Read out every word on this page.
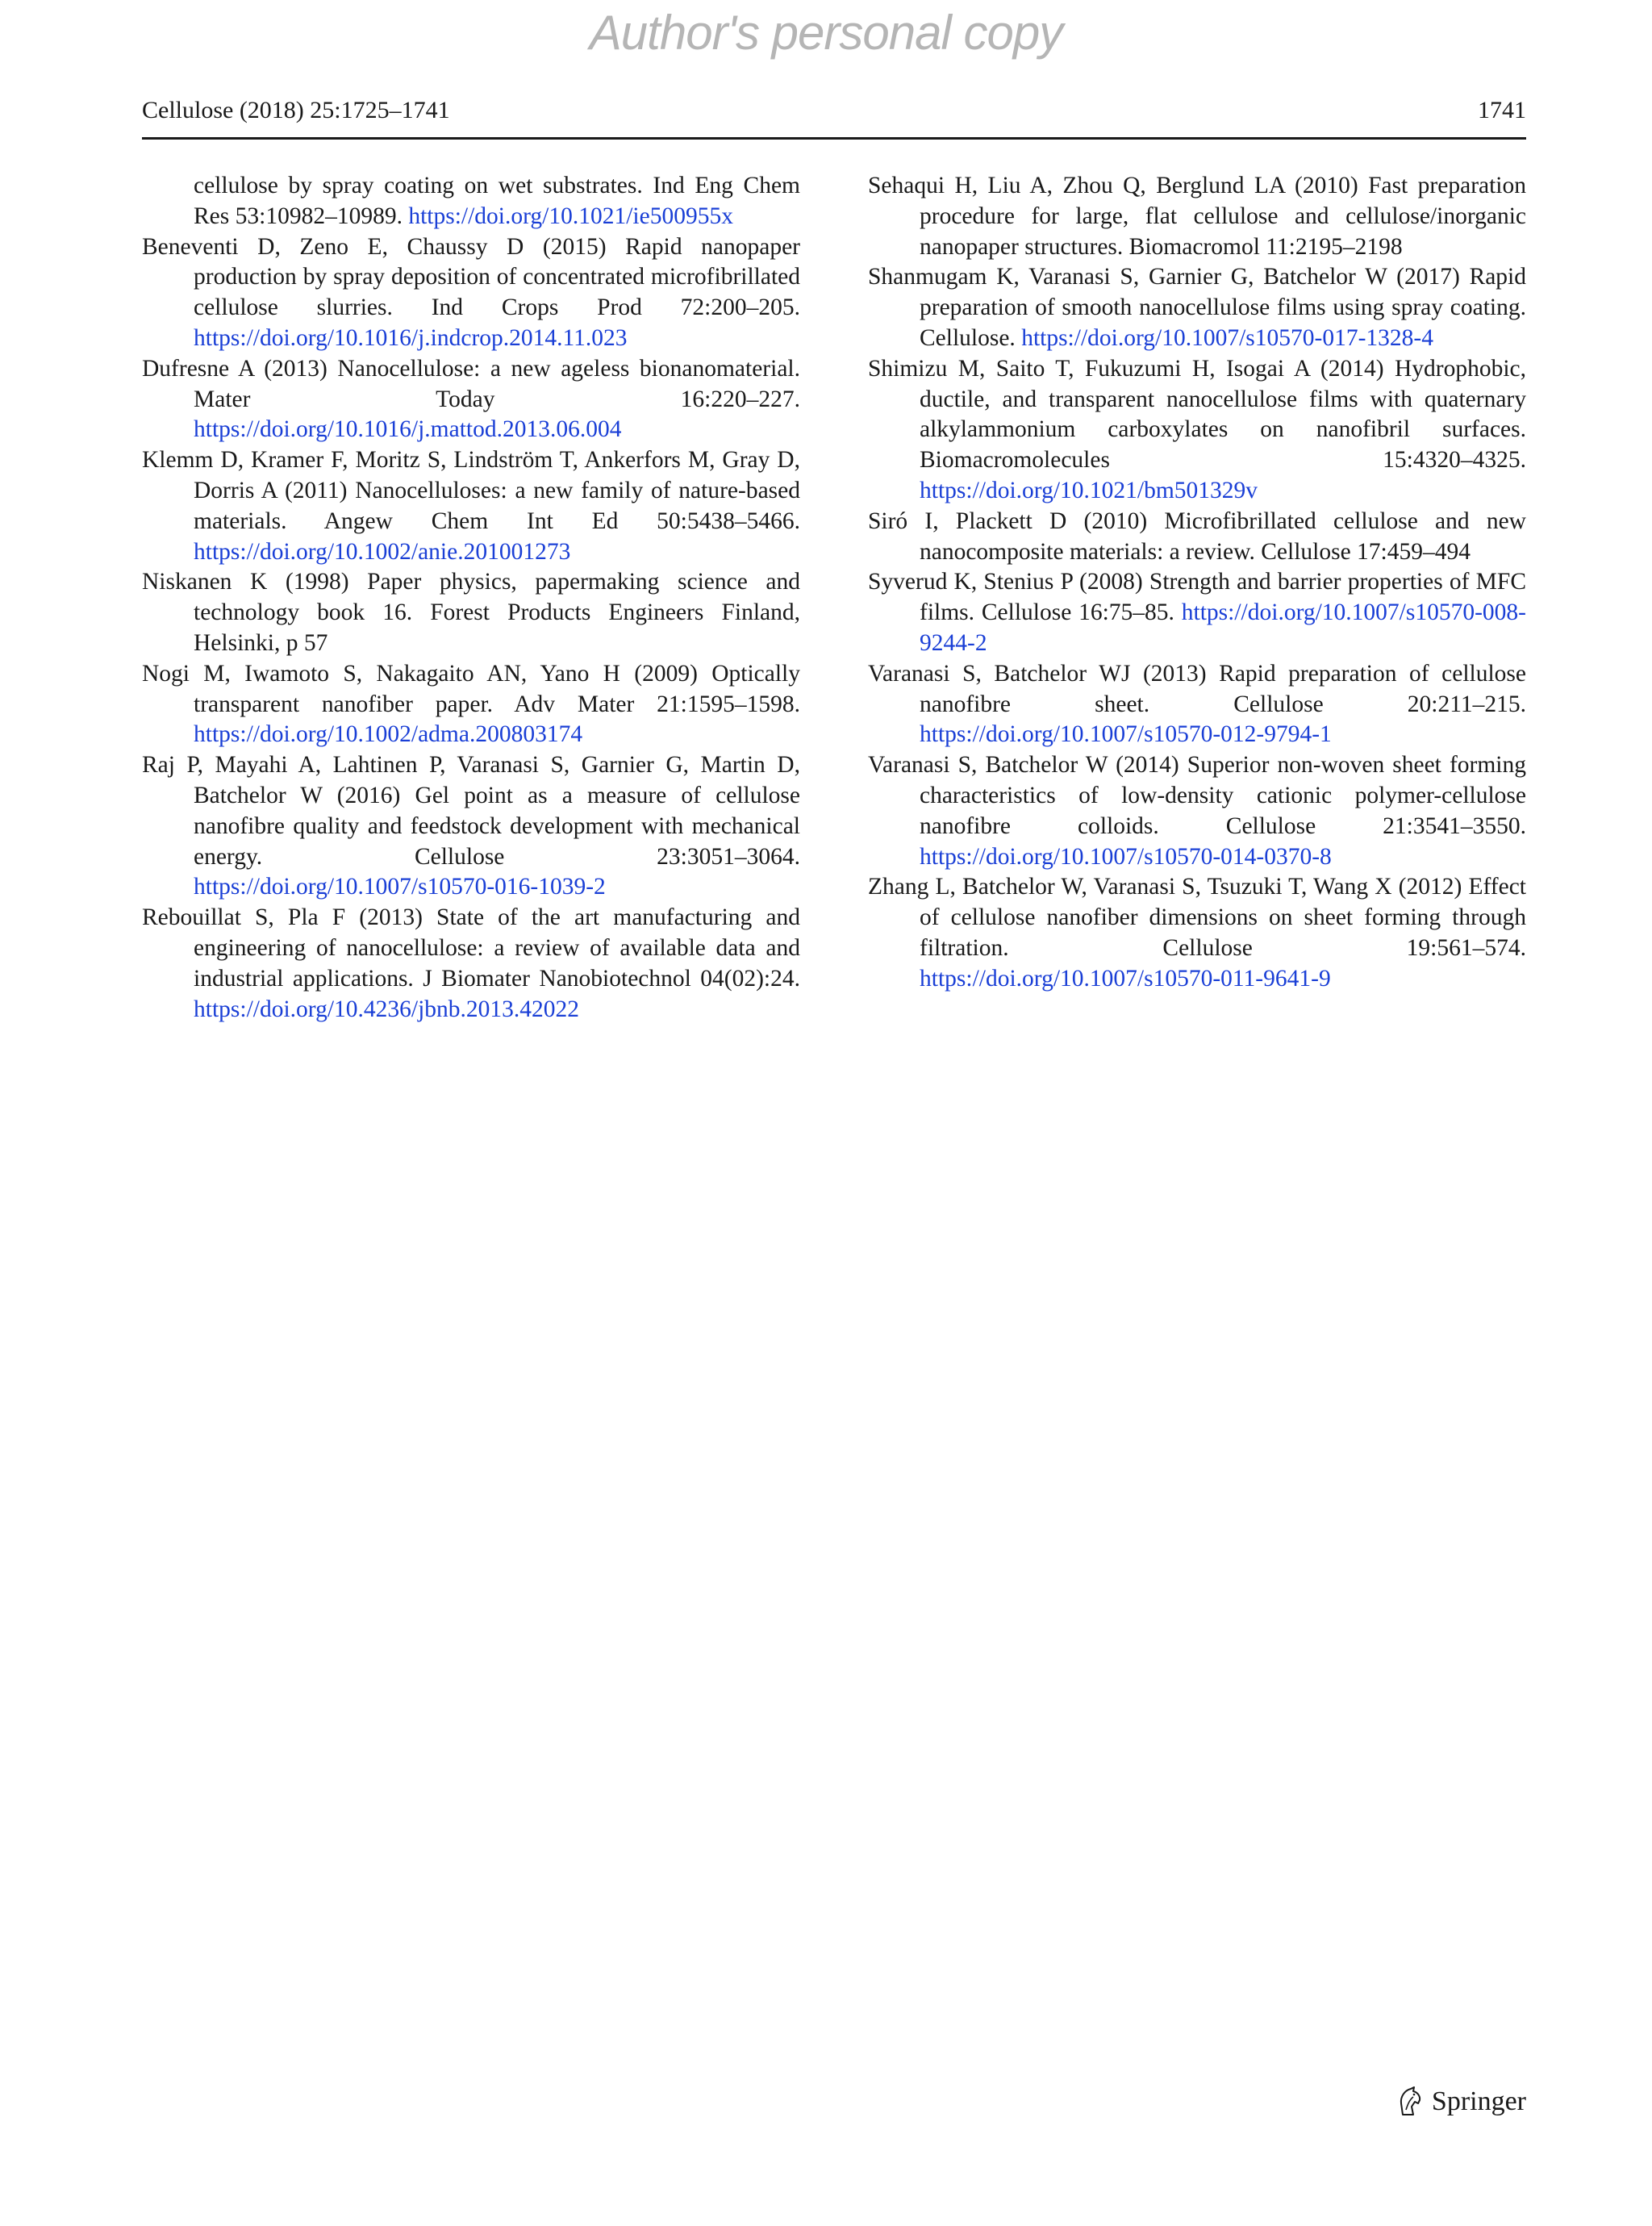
Author's personal copy
Cellulose (2018) 25:1725–1741	1741

cellulose by spray coating on wet substrates. Ind Eng Chem Res 53:10982–10989. https://doi.org/10.1021/ie500955x

Beneventi D, Zeno E, Chaussy D (2015) Rapid nanopaper production by spray deposition of concentrated microfibrillated cellulose slurries. Ind Crops Prod 72:200–205. https://doi.org/10.1016/j.indcrop.2014.11.023

Dufresne A (2013) Nanocellulose: a new ageless bionanomaterial. Mater Today 16:220–227. https://doi.org/10.1016/j.mattod.2013.06.004

Klemm D, Kramer F, Moritz S, Lindström T, Ankerfors M, Gray D, Dorris A (2011) Nanocelluloses: a new family of nature-based materials. Angew Chem Int Ed 50:5438–5466. https://doi.org/10.1002/anie.201001273

Niskanen K (1998) Paper physics, papermaking science and technology book 16. Forest Products Engineers Finland, Helsinki, p 57

Nogi M, Iwamoto S, Nakagaito AN, Yano H (2009) Optically transparent nanofiber paper. Adv Mater 21:1595–1598. https://doi.org/10.1002/adma.200803174

Raj P, Mayahi A, Lahtinen P, Varanasi S, Garnier G, Martin D, Batchelor W (2016) Gel point as a measure of cellulose nanofibre quality and feedstock development with mechanical energy. Cellulose 23:3051–3064. https://doi.org/10.1007/s10570-016-1039-2

Rebouillat S, Pla F (2013) State of the art manufacturing and engineering of nanocellulose: a review of available data and industrial applications. J Biomater Nanobiotechnol 04(02):24. https://doi.org/10.4236/jbnb.2013.42022

Sehaqui H, Liu A, Zhou Q, Berglund LA (2010) Fast preparation procedure for large, flat cellulose and cellulose/inorganic nanopaper structures. Biomacromol 11:2195–2198

Shanmugam K, Varanasi S, Garnier G, Batchelor W (2017) Rapid preparation of smooth nanocellulose films using spray coating. Cellulose. https://doi.org/10.1007/s10570-017-1328-4

Shimizu M, Saito T, Fukuzumi H, Isogai A (2014) Hydrophobic, ductile, and transparent nanocellulose films with quaternary alkylammonium carboxylates on nanofibril surfaces. Biomacromolecules 15:4320–4325. https://doi.org/10.1021/bm501329v

Siró I, Plackett D (2010) Microfibrillated cellulose and new nanocomposite materials: a review. Cellulose 17:459–494

Syverud K, Stenius P (2008) Strength and barrier properties of MFC films. Cellulose 16:75–85. https://doi.org/10.1007/s10570-008-9244-2

Varanasi S, Batchelor WJ (2013) Rapid preparation of cellulose nanofibre sheet. Cellulose 20:211–215. https://doi.org/10.1007/s10570-012-9794-1

Varanasi S, Batchelor W (2014) Superior non-woven sheet forming characteristics of low-density cationic polymer-cellulose nanofibre colloids. Cellulose 21:3541–3550. https://doi.org/10.1007/s10570-014-0370-8

Zhang L, Batchelor W, Varanasi S, Tsuzuki T, Wang X (2012) Effect of cellulose nanofiber dimensions on sheet forming through filtration. Cellulose 19:561–574. https://doi.org/10.1007/s10570-011-9641-9

Springer
